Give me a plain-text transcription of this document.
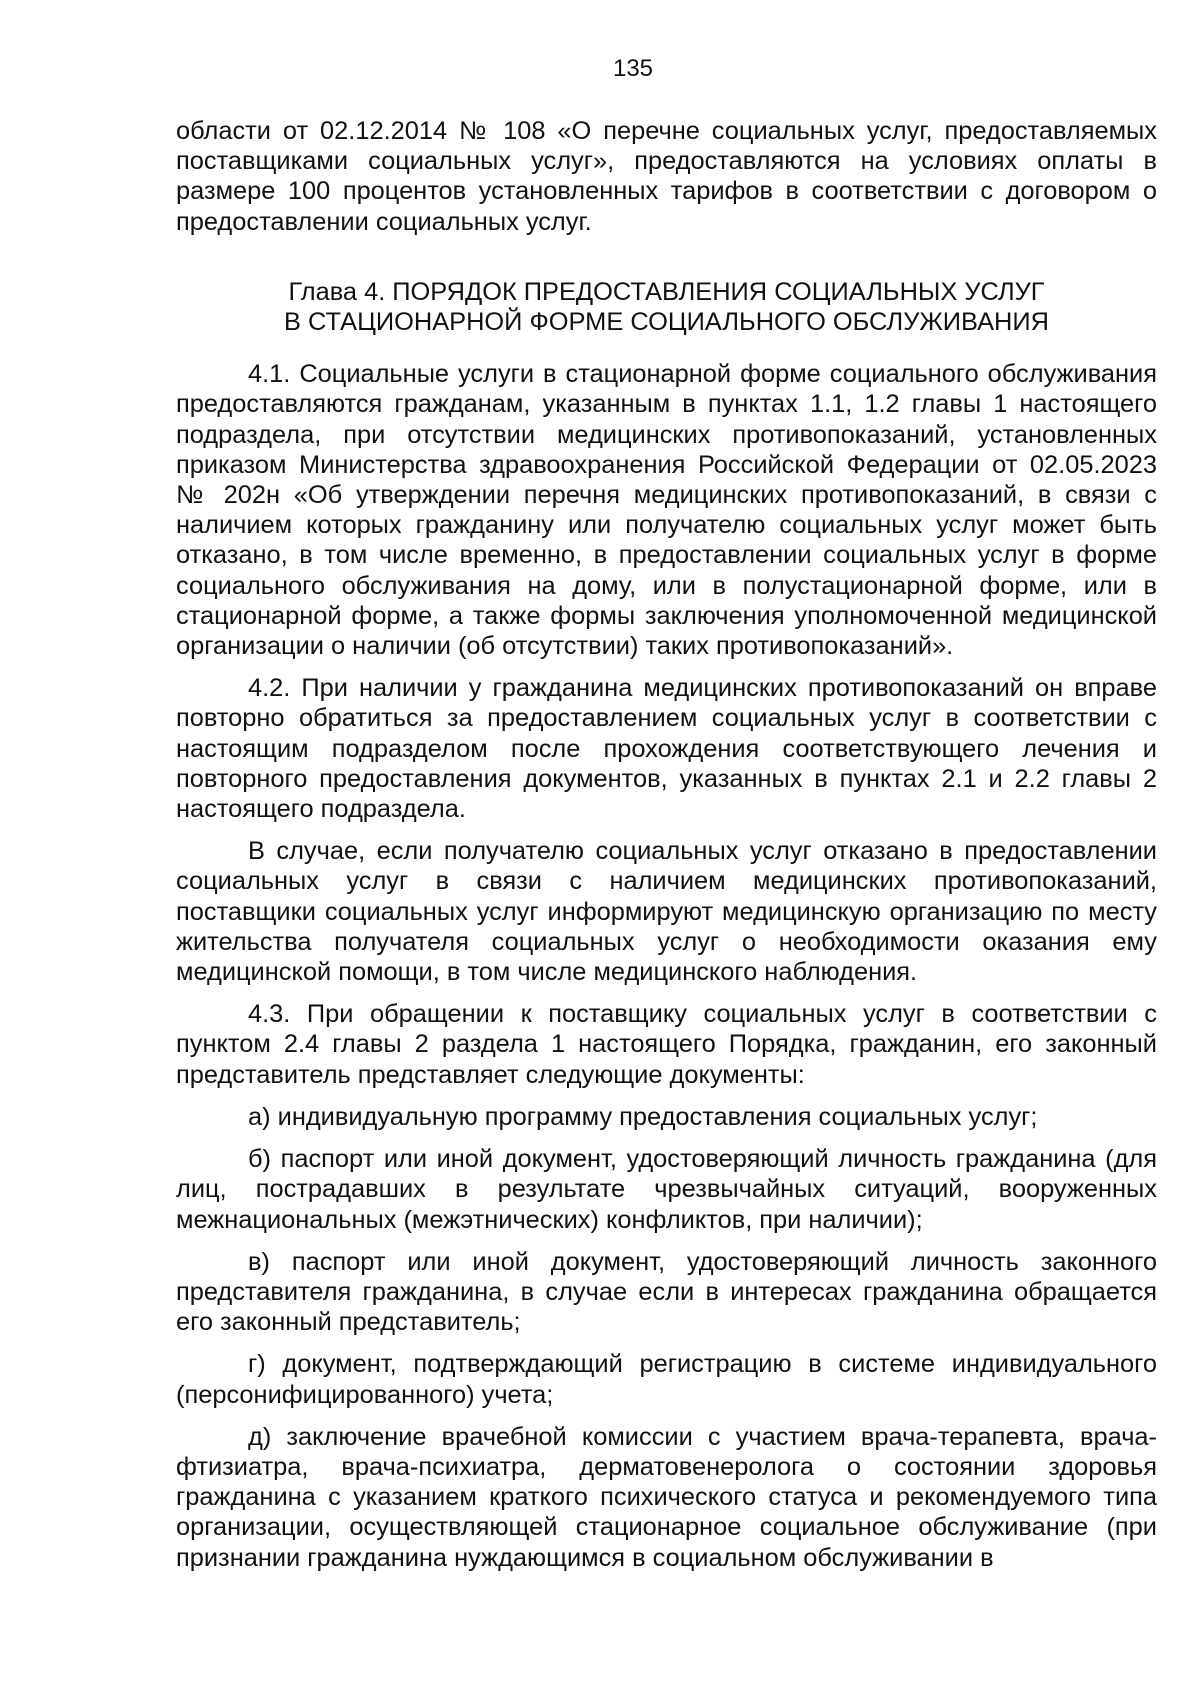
135

области от 02.12.2014 № 108 «О перечне социальных услуг, предоставляемых поставщиками социальных услуг», предоставляются на условиях оплаты в размере 100 процентов установленных тарифов в соответствии с договором о предоставлении социальных услуг.

Глава 4. ПОРЯДОК ПРЕДОСТАВЛЕНИЯ СОЦИАЛЬНЫХ УСЛУГ
В СТАЦИОНАРНОЙ ФОРМЕ СОЦИАЛЬНОГО ОБСЛУЖИВАНИЯ

4.1. Социальные услуги в стационарной форме социального обслуживания предоставляются гражданам, указанным в пунктах 1.1, 1.2 главы 1 настоящего подраздела, при отсутствии медицинских противопоказаний, установленных приказом Министерства здравоохранения Российской Федерации от 02.05.2023 № 202н «Об утверждении перечня медицинских противопоказаний, в связи с наличием которых гражданину или получателю социальных услуг может быть отказано, в том числе временно, в предоставлении социальных услуг в форме социального обслуживания на дому, или в полустационарной форме, или в стационарной форме, а также формы заключения уполномоченной медицинской организации о наличии (об отсутствии) таких противопоказаний».

4.2. При наличии у гражданина медицинских противопоказаний он вправе повторно обратиться за предоставлением социальных услуг в соответствии с настоящим подразделом после прохождения соответствующего лечения и повторного предоставления документов, указанных в пунктах 2.1 и 2.2 главы 2 настоящего подраздела.

В случае, если получателю социальных услуг отказано в предоставлении социальных услуг в связи с наличием медицинских противопоказаний, поставщики социальных услуг информируют медицинскую организацию по месту жительства получателя социальных услуг о необходимости оказания ему медицинской помощи, в том числе медицинского наблюдения.

4.3. При обращении к поставщику социальных услуг в соответствии с пунктом 2.4 главы 2 раздела 1 настоящего Порядка, гражданин, его законный представитель представляет следующие документы:

а) индивидуальную программу предоставления социальных услуг;

б) паспорт или иной документ, удостоверяющий личность гражданина (для лиц, пострадавших в результате чрезвычайных ситуаций, вооруженных межнациональных (межэтнических) конфликтов, при наличии);

в) паспорт или иной документ, удостоверяющий личность законного представителя гражданина, в случае если в интересах гражданина обращается его законный представитель;

г) документ, подтверждающий регистрацию в системе индивидуального (персонифицированного) учета;

д) заключение врачебной комиссии с участием врача-терапевта, врача-фтизиатра, врача-психиатра, дерматовенеролога о состоянии здоровья гражданина с указанием краткого психического статуса и рекомендуемого типа организации, осуществляющей стационарное социальное обслуживание (при признании гражданина нуждающимся в социальном обслуживании в
